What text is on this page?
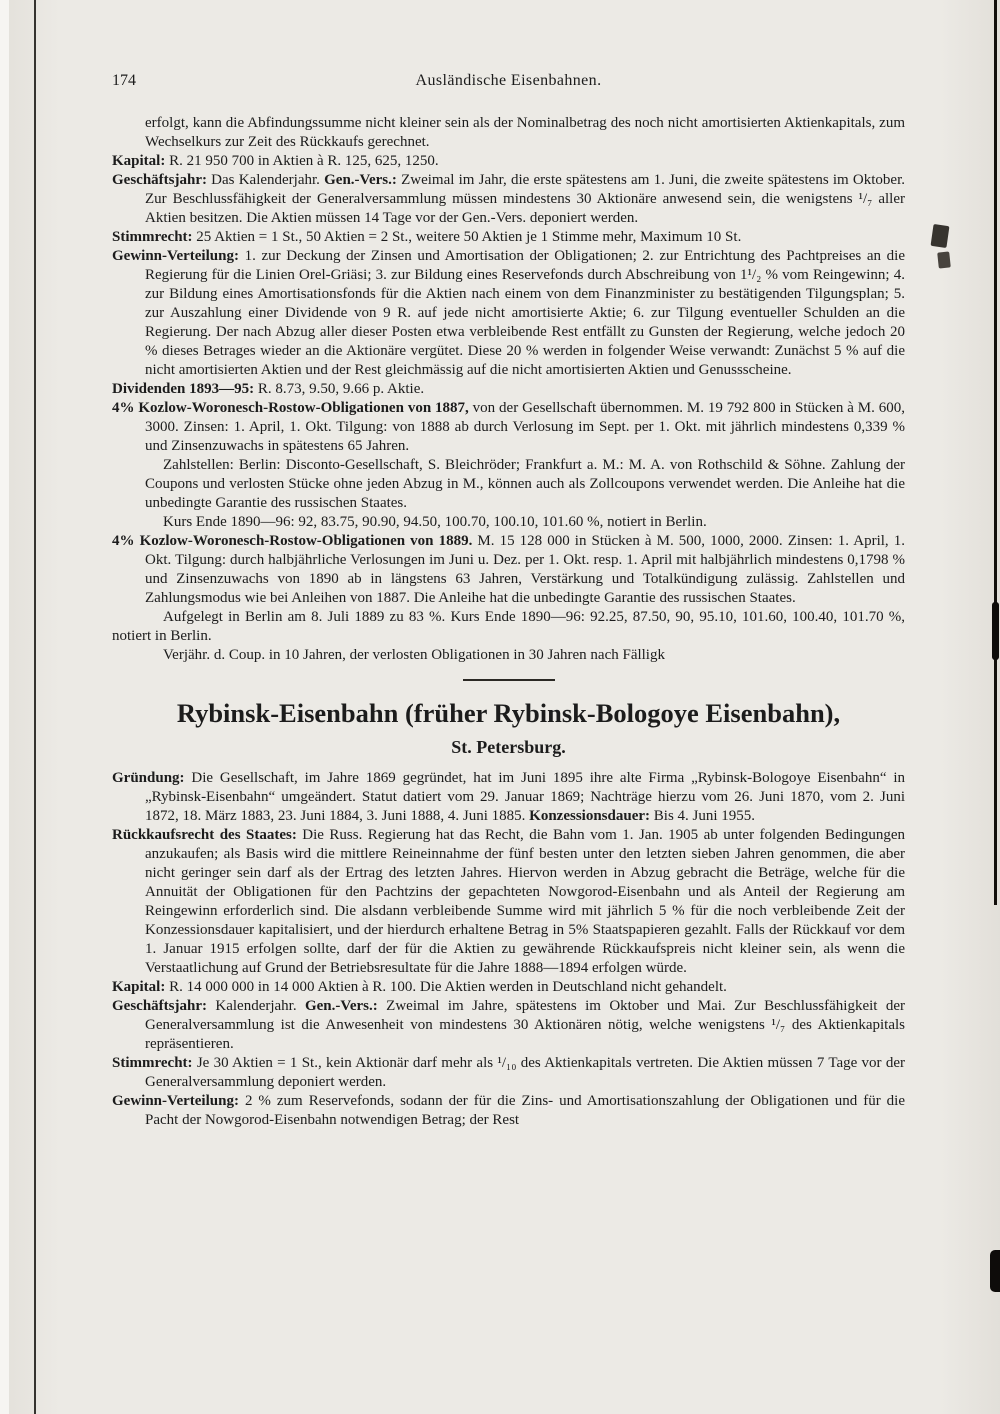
174	Ausländische Eisenbahnen.

erfolgt, kann die Abfindungssumme nicht kleiner sein als der Nominalbetrag des noch nicht amortisierten Aktienkapitals, zum Wechselkurs zur Zeit des Rückkaufs gerechnet.

Kapital: R. 21 950 700 in Aktien à R. 125, 625, 1250.

Geschäftsjahr: Das Kalenderjahr. Gen.-Vers.: Zweimal im Jahr, die erste spätestens am 1. Juni, die zweite spätestens im Oktober. Zur Beschlussfähigkeit der Generalversammlung müssen mindestens 30 Aktionäre anwesend sein, die wenigstens ¹/₇ aller Aktien besitzen. Die Aktien müssen 14 Tage vor der Gen.-Vers. deponiert werden.

Stimmrecht: 25 Aktien = 1 St., 50 Aktien = 2 St., weitere 50 Aktien je 1 Stimme mehr, Maximum 10 St.

Gewinn-Verteilung: 1. zur Deckung der Zinsen und Amortisation der Obligationen; 2. zur Entrichtung des Pachtpreises an die Regierung für die Linien Orel-Griäsi; 3. zur Bildung eines Reservefonds durch Abschreibung von 1¹/₂ % vom Reingewinn; 4. zur Bildung eines Amortisationsfonds für die Aktien nach einem von dem Finanzminister zu bestätigenden Tilgungsplan; 5. zur Auszahlung einer Dividende von 9 R. auf jede nicht amortisierte Aktie; 6. zur Tilgung eventueller Schulden an die Regierung. Der nach Abzug aller dieser Posten etwa verbleibende Rest entfällt zu Gunsten der Regierung, welche jedoch 20 % dieses Betrages wieder an die Aktionäre vergütet. Diese 20 % werden in folgender Weise verwandt: Zunächst 5 % auf die nicht amortisierten Aktien und der Rest gleichmässig auf die nicht amortisierten Aktien und Genussscheine.

Dividenden 1893—95: R. 8.73, 9.50, 9.66 p. Aktie.

4% Kozlow-Woronesch-Rostow-Obligationen von 1887, von der Gesellschaft übernommen. M. 19 792 800 in Stücken à M. 600, 3000. Zinsen: 1. April, 1. Okt. Tilgung: von 1888 ab durch Verlosung im Sept. per 1. Okt. mit jährlich mindestens 0,339 % und Zinsenzuwachs in spätestens 65 Jahren.

Zahlstellen: Berlin: Disconto-Gesellschaft, S. Bleichröder; Frankfurt a. M.: M. A. von Rothschild & Söhne. Zahlung der Coupons und verlosten Stücke ohne jeden Abzug in M., können auch als Zollcoupons verwendet werden. Die Anleihe hat die unbedingte Garantie des russischen Staates.

Kurs Ende 1890—96: 92, 83.75, 90.90, 94.50, 100.70, 100.10, 101.60 %, notiert in Berlin.

4% Kozlow-Woronesch-Rostow-Obligationen von 1889. M. 15 128 000 in Stücken à M. 500, 1000, 2000. Zinsen: 1. April, 1. Okt. Tilgung: durch halbjährliche Verlosungen im Juni u. Dez. per 1. Okt. resp. 1. April mit halbjährlich mindestens 0,1798 % und Zinsenzuwachs von 1890 ab in längstens 63 Jahren, Verstärkung und Totalkündigung zulässig. Zahlstellen und Zahlungsmodus wie bei Anleihen von 1887. Die Anleihe hat die unbedingte Garantie des russischen Staates.

Aufgelegt in Berlin am 8. Juli 1889 zu 83 %. Kurs Ende 1890—96: 92.25, 87.50, 90, 95.10, 101.60, 100.40, 101.70 %, notiert in Berlin.

Verjähr. d. Coup. in 10 Jahren, der verlosten Obligationen in 30 Jahren nach Fälligk

Rybinsk-Eisenbahn (früher Rybinsk-Bologoye Eisenbahn),
St. Petersburg.

Gründung: Die Gesellschaft, im Jahre 1869 gegründet, hat im Juni 1895 ihre alte Firma „Rybinsk-Bologoye Eisenbahn“ in „Rybinsk-Eisenbahn“ umgeändert. Statut datiert vom 29. Januar 1869; Nachträge hierzu vom 26. Juni 1870, vom 2. Juni 1872, 18. März 1883, 23. Juni 1884, 3. Juni 1888, 4. Juni 1885. Konzessionsdauer: Bis 4. Juni 1955.

Rückkaufsrecht des Staates: Die Russ. Regierung hat das Recht, die Bahn vom 1. Jan. 1905 ab unter folgenden Bedingungen anzukaufen; als Basis wird die mittlere Reineinnahme der fünf besten unter den letzten sieben Jahren genommen, die aber nicht geringer sein darf als der Ertrag des letzten Jahres. Hiervon werden in Abzug gebracht die Beträge, welche für die Annuität der Obligationen für den Pachtzins der gepachteten Nowgorod-Eisenbahn und als Anteil der Regierung am Reingewinn erforderlich sind. Die alsdann verbleibende Summe wird mit jährlich 5 % für die noch verbleibende Zeit der Konzessionsdauer kapitalisiert, und der hierdurch erhaltene Betrag in 5% Staatspapieren gezahlt. Falls der Rückkauf vor dem 1. Januar 1915 erfolgen sollte, darf der für die Aktien zu gewährende Rückkaufspreis nicht kleiner sein, als wenn die Verstaatlichung auf Grund der Betriebsresultate für die Jahre 1888—1894 erfolgen würde.

Kapital: R. 14 000 000 in 14 000 Aktien à R. 100. Die Aktien werden in Deutschland nicht gehandelt.

Geschäftsjahr: Kalenderjahr. Gen.-Vers.: Zweimal im Jahre, spätestens im Oktober und Mai. Zur Beschlussfähigkeit der Generalversammlung ist die Anwesenheit von mindestens 30 Aktionären nötig, welche wenigstens ¹/₇ des Aktienkapitals repräsentieren.

Stimmrecht: Je 30 Aktien = 1 St., kein Aktionär darf mehr als ¹/₁₀ des Aktienkapitals vertreten. Die Aktien müssen 7 Tage vor der Generalversammlung deponiert werden.

Gewinn-Verteilung: 2 % zum Reservefonds, sodann der für die Zins- und Amortisationszahlung der Obligationen und für die Pacht der Nowgorod-Eisenbahn notwendigen Betrag; der Rest
